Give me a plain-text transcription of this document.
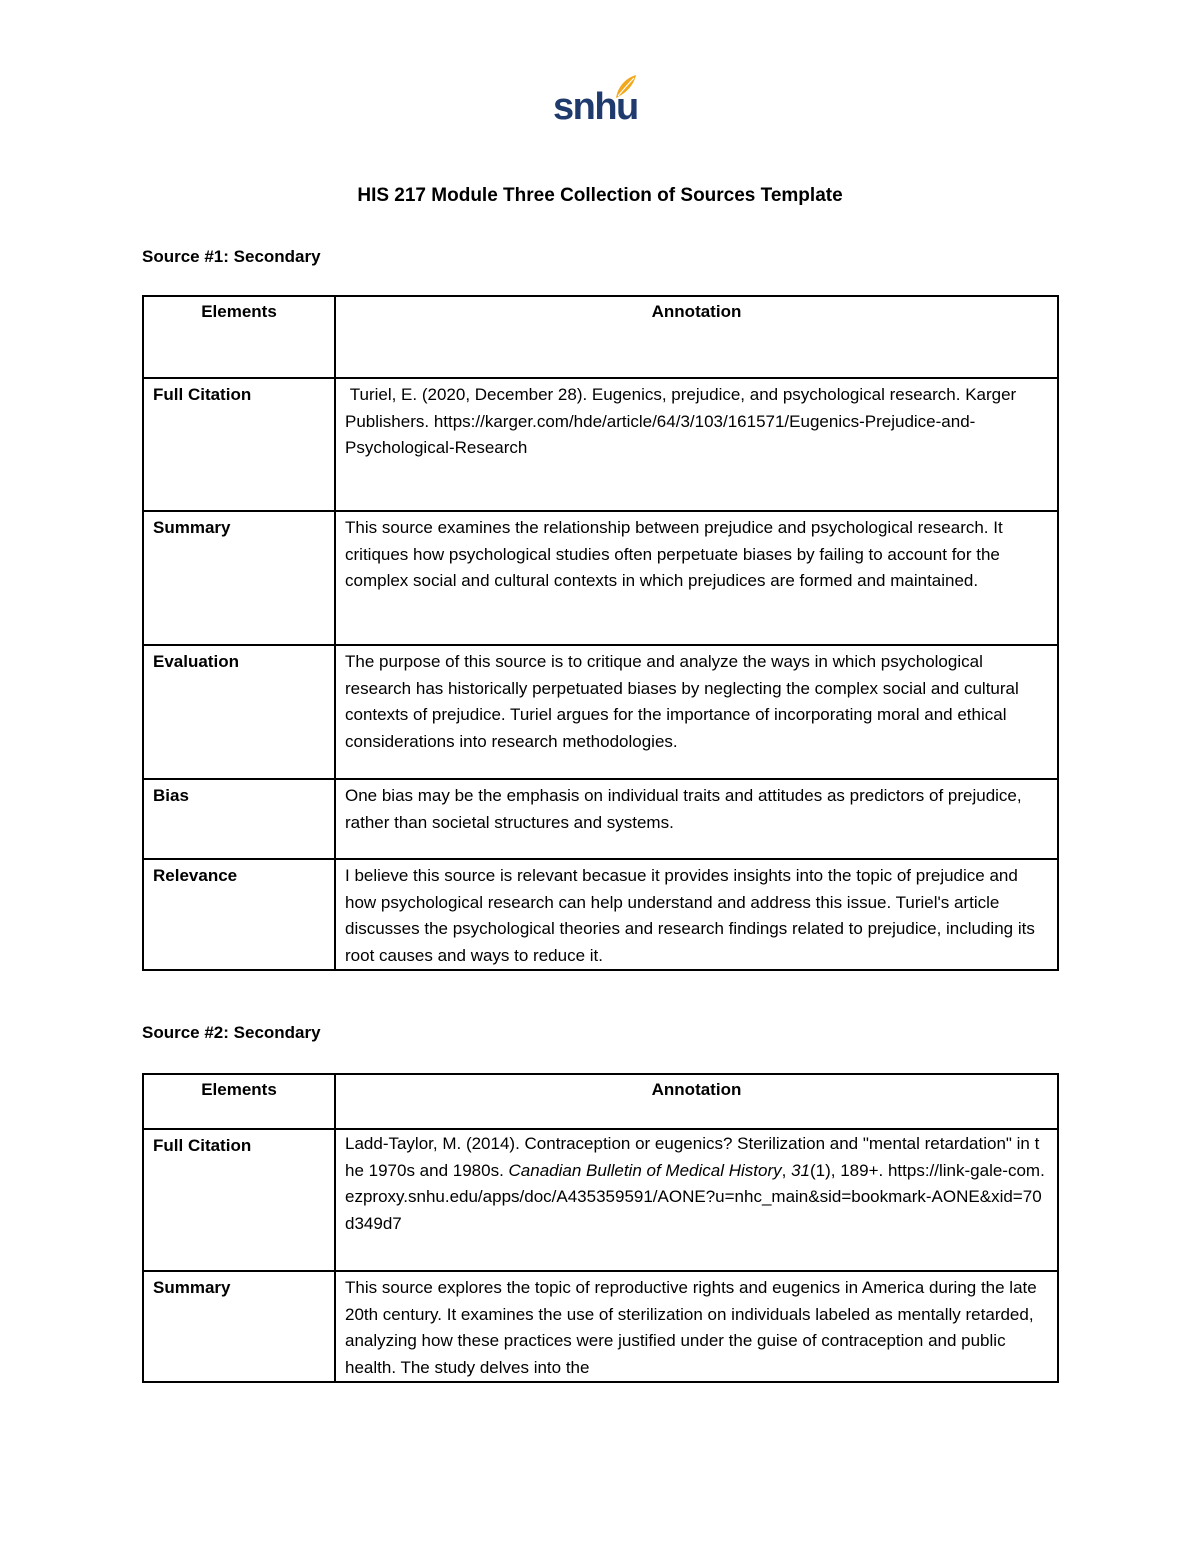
snhu
HIS 217 Module Three Collection of Sources Template
Source #1: Secondary
Elements	Annotation
Full Citation	Turiel, E. (2020, December 28). Eugenics, prejudice, and psychological research. Karger Publishers. https://karger.com/hde/article/64/3/103/161571/Eugenics-Prejudice-and-Psychological-Research
Summary	This source examines the relationship between prejudice and psychological research. It critiques how psychological studies often perpetuate biases by failing to account for the complex social and cultural contexts in which prejudices are formed and maintained.
Evaluation	The purpose of this source is to critique and analyze the ways in which psychological research has historically perpetuated biases by neglecting the complex social and cultural contexts of prejudice. Turiel argues for the importance of incorporating moral and ethical considerations into research methodologies.
Bias	One bias may be the emphasis on individual traits and attitudes as predictors of prejudice, rather than societal structures and systems.
Relevance	I believe this source is relevant becasue it provides insights into the topic of prejudice and how psychological research can help understand and address this issue. Turiel's article discusses the psychological theories and research findings related to prejudice, including its root causes and ways to reduce it.
Source #2: Secondary
Elements	Annotation
Full Citation	Ladd-Taylor, M. (2014). Contraception or eugenics? Sterilization and "mental retardation" in the 1970s and 1980s. Canadian Bulletin of Medical History, 31(1), 189+. https://link-gale-com.ezproxy.snhu.edu/apps/doc/A435359591/AONE?u=nhc_main&sid=bookmark-AONE&xid=70d349d7
Summary	This source explores the topic of reproductive rights and eugenics in America during the late 20th century. It examines the use of sterilization on individuals labeled as mentally retarded, analyzing how these practices were justified under the guise of contraception and public health. The study delves into the
